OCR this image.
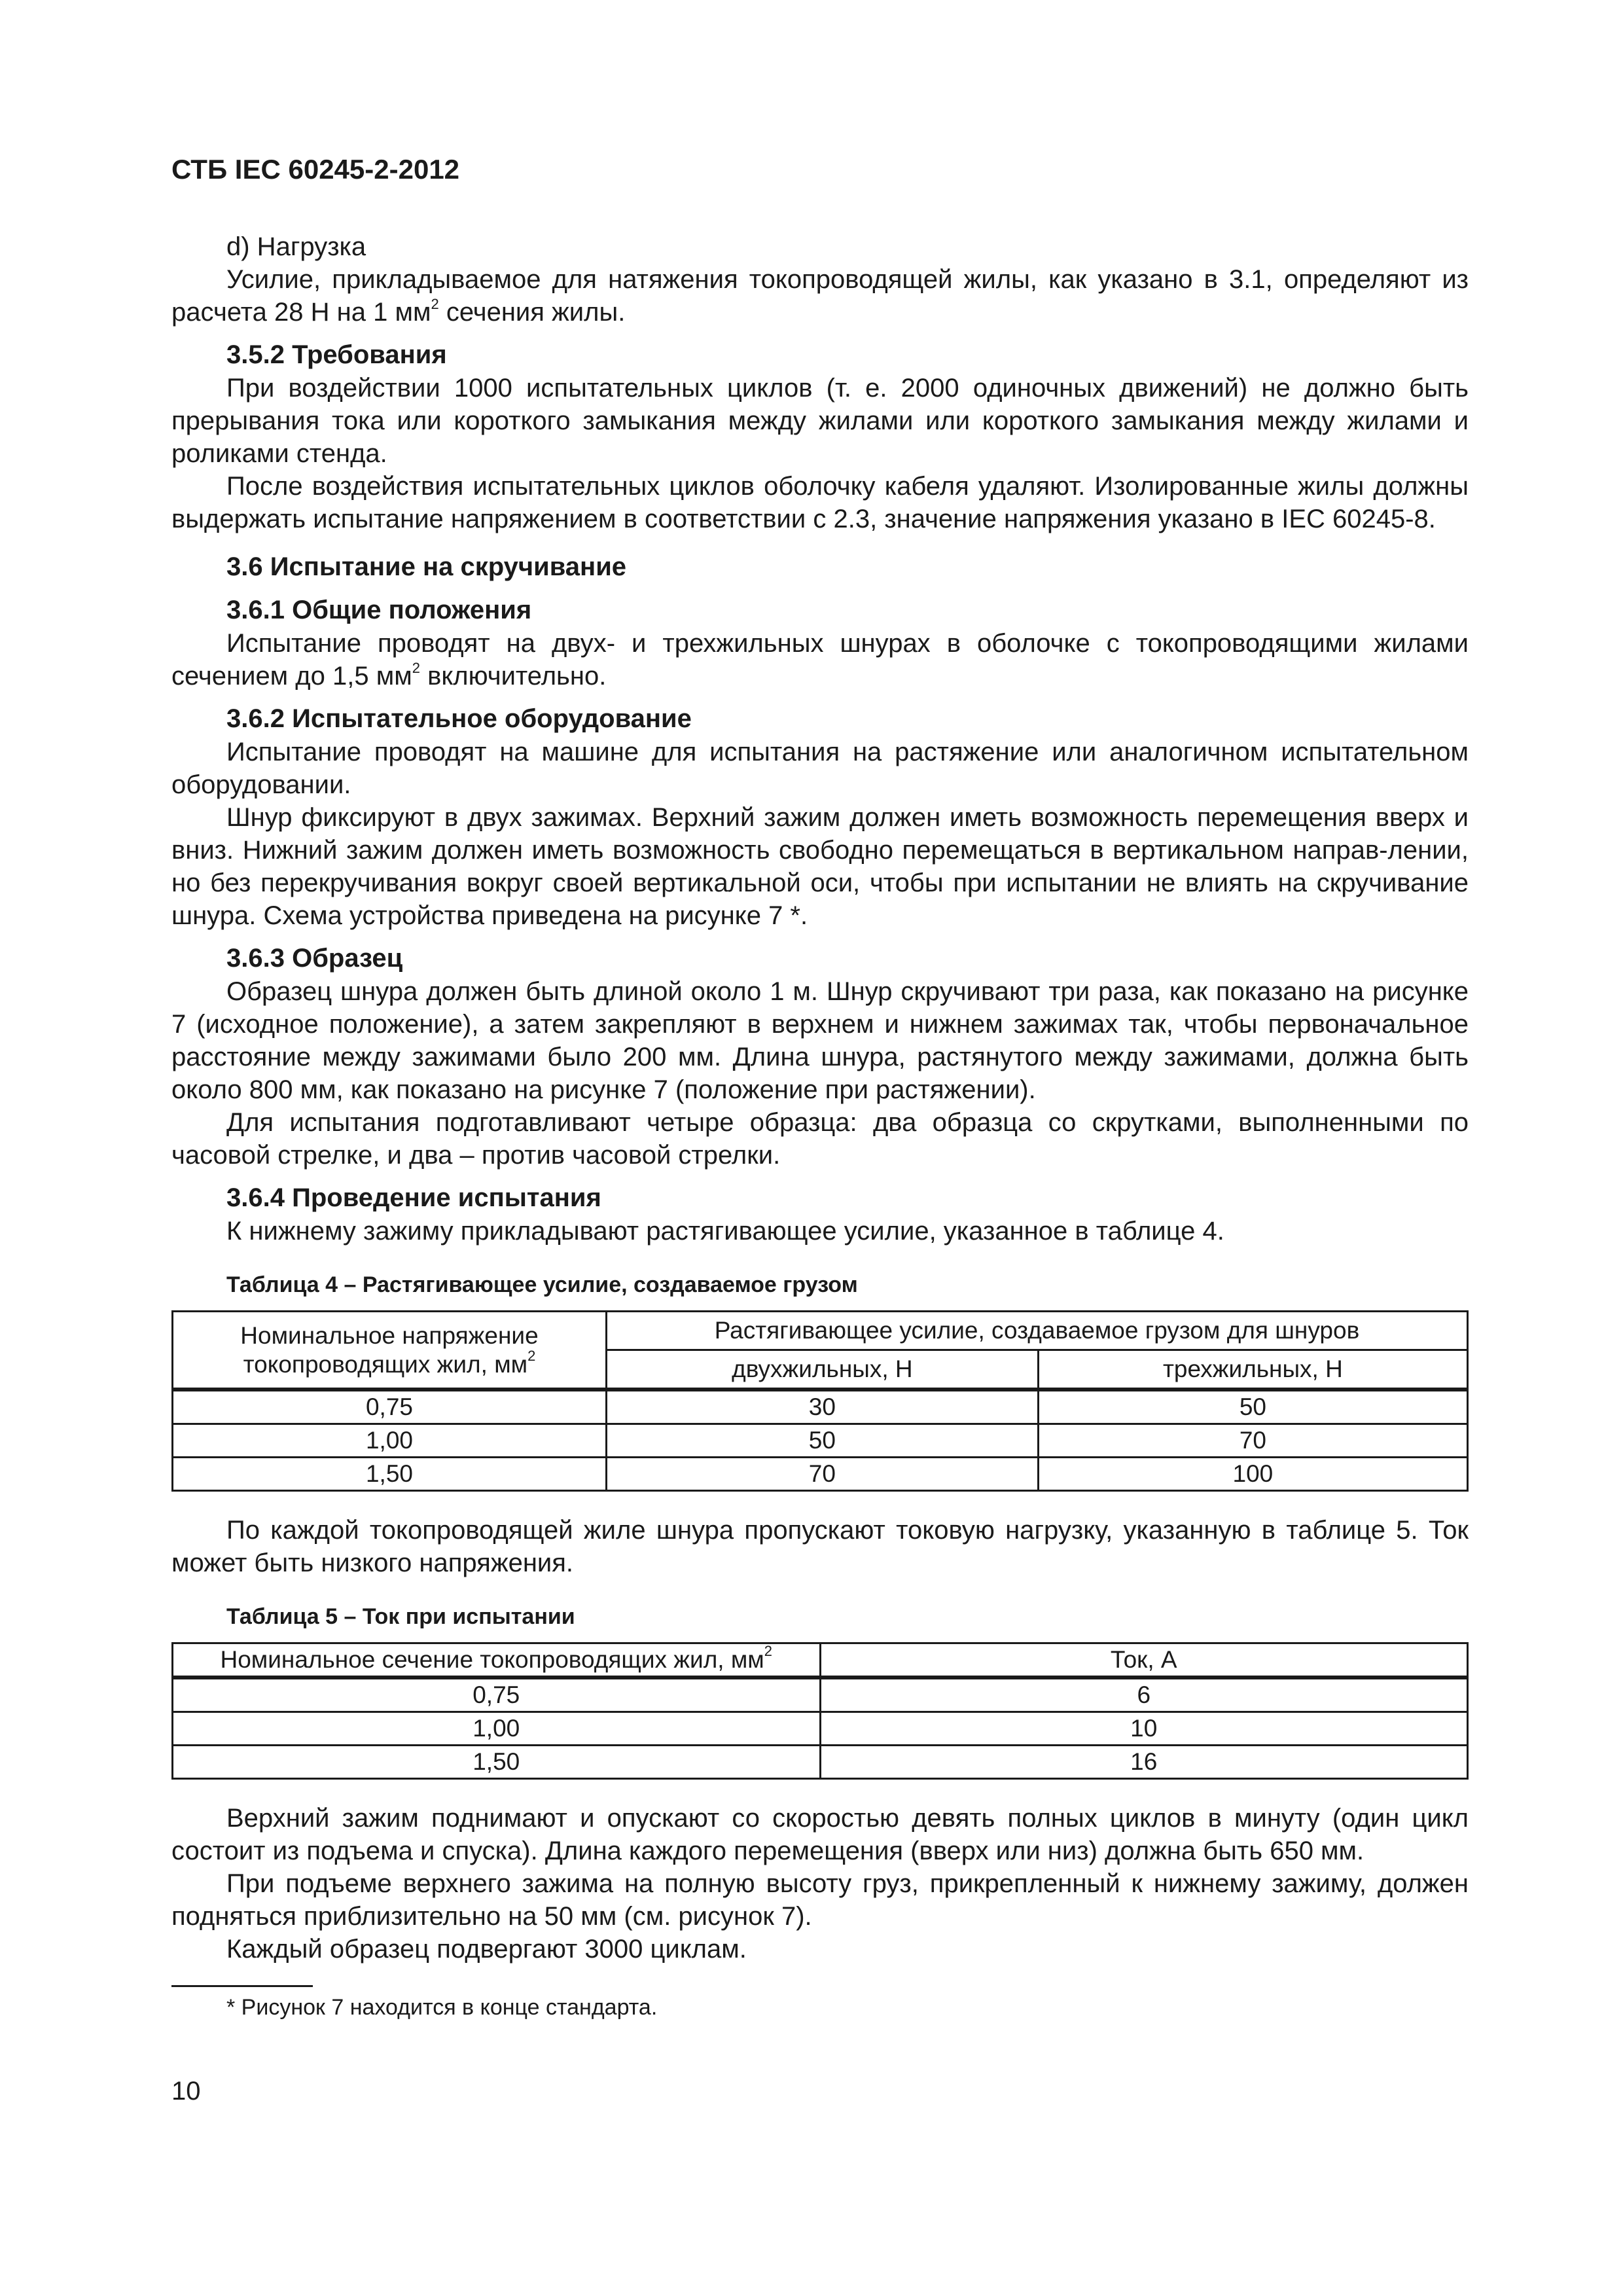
СТБ IEC 60245-2-2012

d) Нагрузка

Усилие, прикладываемое для натяжения токопроводящей жилы, как указано в 3.1, определяют из расчета 28 Н на 1 $мм^2$ сечения жилы.

3.5.2 Требования

При воздействии 1000 испытательных циклов (т. е. 2000 одиночных движений) не должно быть прерывания тока или короткого замыкания между жилами или короткого замыкания между жилами и роликами стенда.

После воздействия испытательных циклов оболочку кабеля удаляют. Изолированные жилы должны выдержать испытание напряжением в соответствии с 2.3, значение напряжения указано в IEC 60245-8.

3.6 Испытание на скручивание
3.6.1 Общие положения

Испытание проводят на двух- и трехжильных шнурах в оболочке с токопроводящими жилами сечением до 1,5 $мм^2$ включительно.

3.6.2 Испытательное оборудование

Испытание проводят на машине для испытания на растяжение или аналогичном испытательном оборудовании.

Шнур фиксируют в двух зажимах. Верхний зажим должен иметь возможность перемещения вверх и вниз. Нижний зажим должен иметь возможность свободно перемещаться в вертикальном направ-лении, но без перекручивания вокруг своей вертикальной оси, чтобы при испытании не влиять на скручивание шнура. Схема устройства приведена на рисунке 7 *.

3.6.3 Образец

Образец шнура должен быть длиной около 1 м. Шнур скручивают три раза, как показано на рисунке 7 (исходное положение), а затем закрепляют в верхнем и нижнем зажимах так, чтобы первоначальное расстояние между зажимами было 200 мм. Длина шнура, растянутого между зажимами, должна быть около 800 мм, как показано на рисунке 7 (положение при растяжении).

Для испытания подготавливают четыре образца: два образца со скрутками, выполненными по часовой стрелке, и два – против часовой стрелки.

3.6.4 Проведение испытания

К нижнему зажиму прикладывают растягивающее усилие, указанное в таблице 4.

Таблица 4 – Растягивающее усилие, создаваемое грузом
Номинальное напряжение токопроводящих жил, $мм^2$	Растягивающее усилие, создаваемое грузом для шнуров	
	двухжильных, Н	трехжильных, Н
0,75	30	50
1,00	50	70
1,50	70	100

По каждой токопроводящей жиле шнура пропускают токовую нагрузку, указанную в таблице 5. Ток может быть низкого напряжения.

Таблица 5 – Ток при испытании
Номинальное сечение токопроводящих жил, $мм^2$	Ток, А
0,75	6
1,00	10
1,50	16

Верхний зажим поднимают и опускают со скоростью девять полных циклов в минуту (один цикл состоит из подъема и спуска). Длина каждого перемещения (вверх или низ) должна быть 650 мм.

При подъеме верхнего зажима на полную высоту груз, прикрепленный к нижнему зажиму, должен подняться приблизительно на 50 мм (см. рисунок 7).

Каждый образец подвергают 3000 циклам.

* Рисунок 7 находится в конце стандарта.
10
